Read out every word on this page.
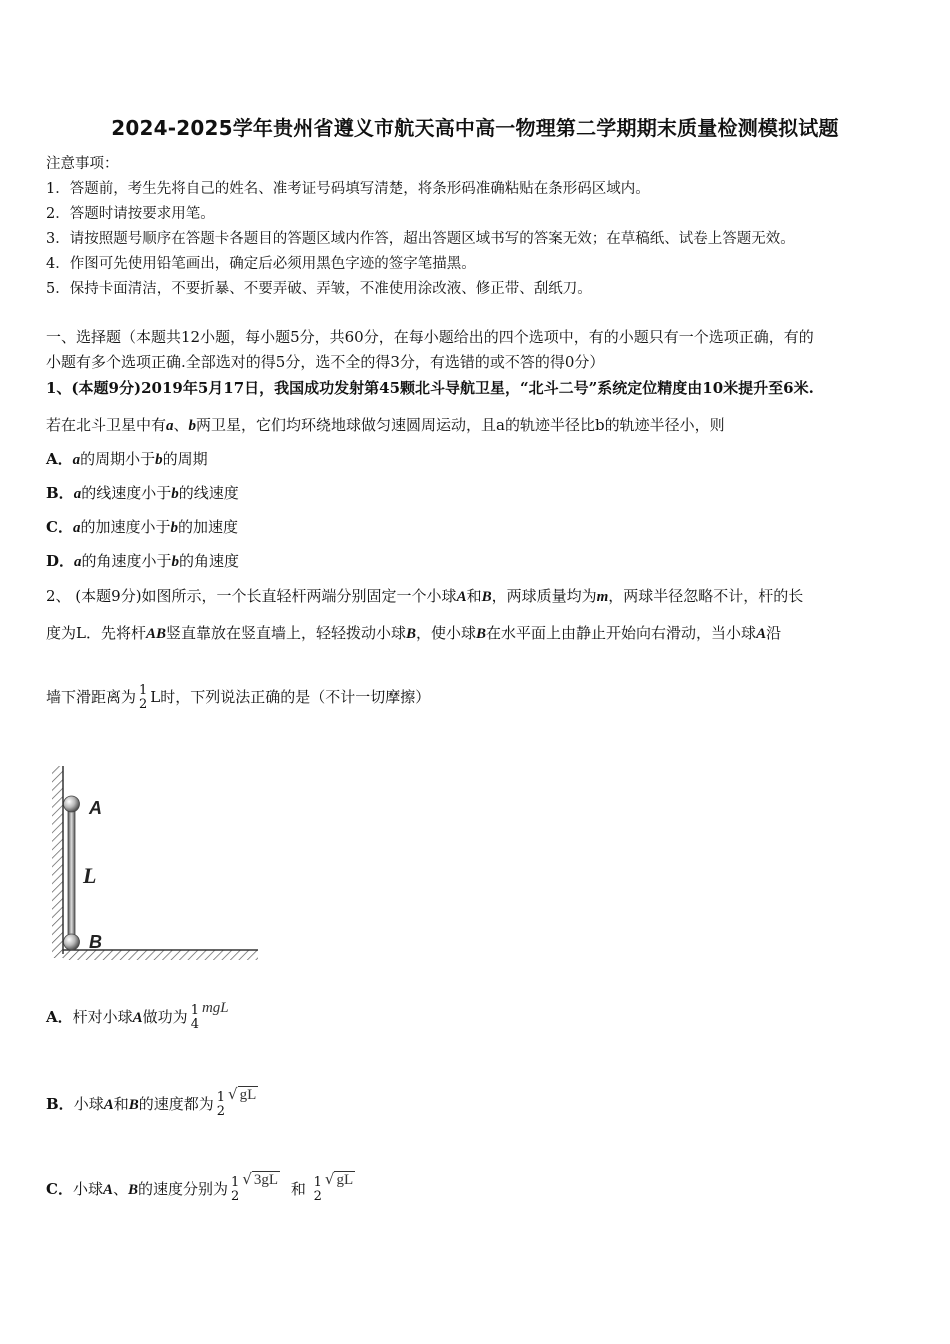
2024-2025学年贵州省遵义市航天高中高一物理第二学期期末质量检测模拟试题
注意事项：
1．答题前，考生先将自己的姓名、准考证号码填写清楚，将条形码准确粘贴在条形码区域内。
2．答题时请按要求用笔。
3．请按照题号顺序在答题卡各题目的答题区域内作答，超出答题区域书写的答案无效；在草稿纸、试卷上答题无效。
4．作图可先使用铅笔画出，确定后必须用黑色字迹的签字笔描黑。
5．保持卡面清洁，不要折暴、不要弄破、弄皱，不准使用涂改液、修正带、刮纸刀。
一、选择题（本题共12小题，每小题5分，共60分，在每小题给出的四个选项中，有的小题只有一个选项正确，有的
小题有多个选项正确.全部选对的得5分，选不全的得3分，有选错的或不答的得0分）
1、(本题9分)2019年5月17日，我国成功发射第45颗北斗导航卫星，“北斗二号”系统定位精度由10米提升至6米.
若在北斗卫星中有a、b两卫星，它们均环绕地球做匀速圆周运动，且a的轨迹半径比b的轨迹半径小，则
A．a的周期小于b的周期
B．a的线速度小于b的线速度
C．a的加速度小于b的加速度
D．a的角速度小于b的角速度
2、 (本题9分)如图所示，一个长直轻杆两端分别固定一个小球A和B，两球质量均为m，两球半径忽略不计，杆的长
度为L．先将杆AB竖直靠放在竖直墙上，轻轻拨动小球B，使小球B在水平面上由静止开始向右滑动，当小球A沿
墙下滑距离为 1
2 L时，下列说法正确的是（不计一切摩擦）
A
L
B
A．杆对小球A做功为 1
4
mgL
B．小球A和B的速度都为 1
2
√ gL
C．小球A、B的速度分别为 1
2
√ 3gL 和 1
2
√ gL
